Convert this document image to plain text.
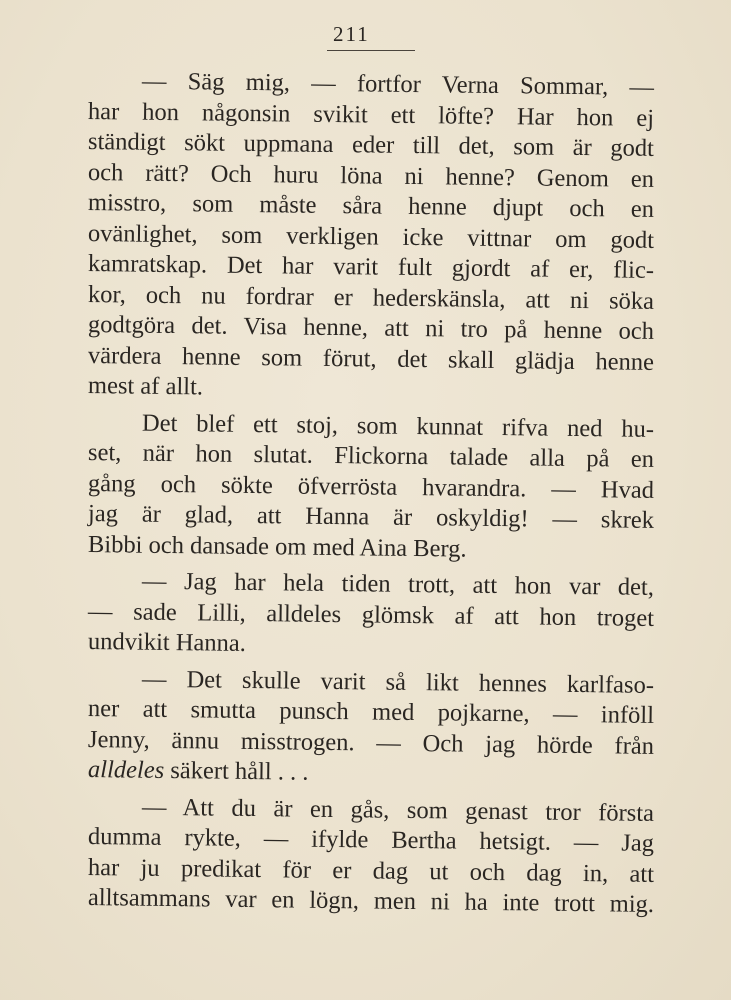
211
— Säg mig, — fortfor Verna Sommar, —
har hon någonsin svikit ett löfte? Har hon ej
ständigt sökt uppmana eder till det, som är godt
och rätt? Och huru löna ni henne? Genom en
misstro, som måste såra henne djupt och en
ovänlighet, som verkligen icke vittnar om godt
kamratskap. Det har varit fult gjordt af er, flic-
kor, och nu fordrar er hederskänsla, att ni söka
godtgöra det. Visa henne, att ni tro på henne och
värdera henne som förut, det skall glädja henne
mest af allt.
Det blef ett stoj, som kunnat rifva ned hu-
set, när hon slutat. Flickorna talade alla på en
gång och sökte öfverrösta hvarandra. — Hvad
jag är glad, att Hanna är oskyldig! — skrek
Bibbi och dansade om med Aina Berg.
— Jag har hela tiden trott, att hon var det,
— sade Lilli, alldeles glömsk af att hon troget
undvikit Hanna.
— Det skulle varit så likt hennes karlfaso-
ner att smutta punsch med pojkarne, — inföll
Jenny, ännu misstrogen. — Och jag hörde från
alldeles säkert håll . . .
— Att du är en gås, som genast tror första
dumma rykte, — ifylde Bertha hetsigt. — Jag
har ju predikat för er dag ut och dag in, att
alltsammans var en lögn, men ni ha inte trott mig.
